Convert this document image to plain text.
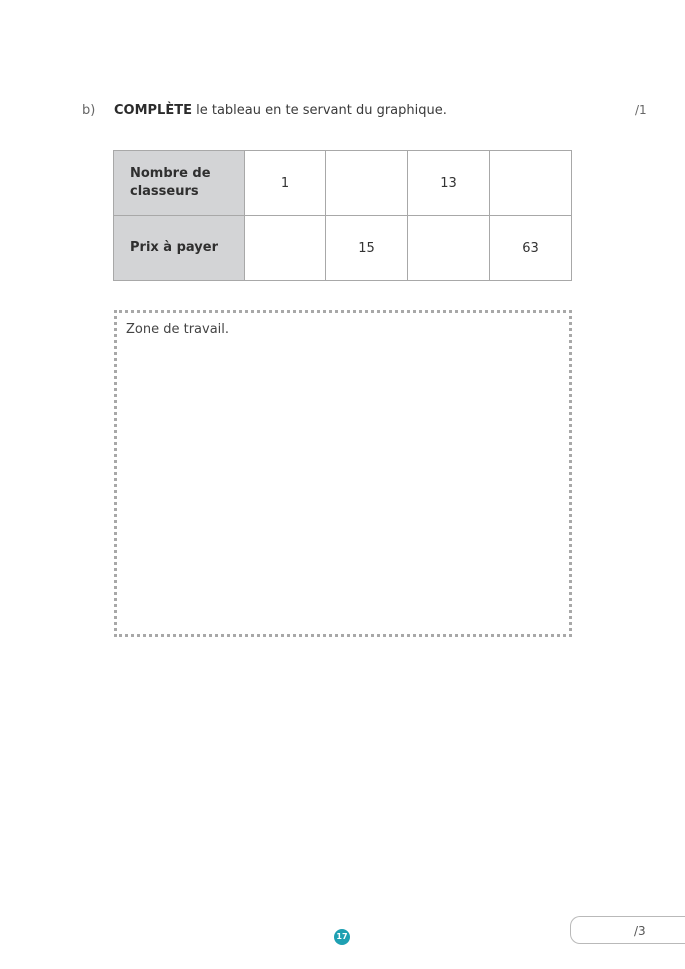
b) COMPLÈTE le tableau en te servant du graphique.	/1
Nombre de classeurs	1		13	
Prix à payer		15		63
Zone de travail.
17	/3
